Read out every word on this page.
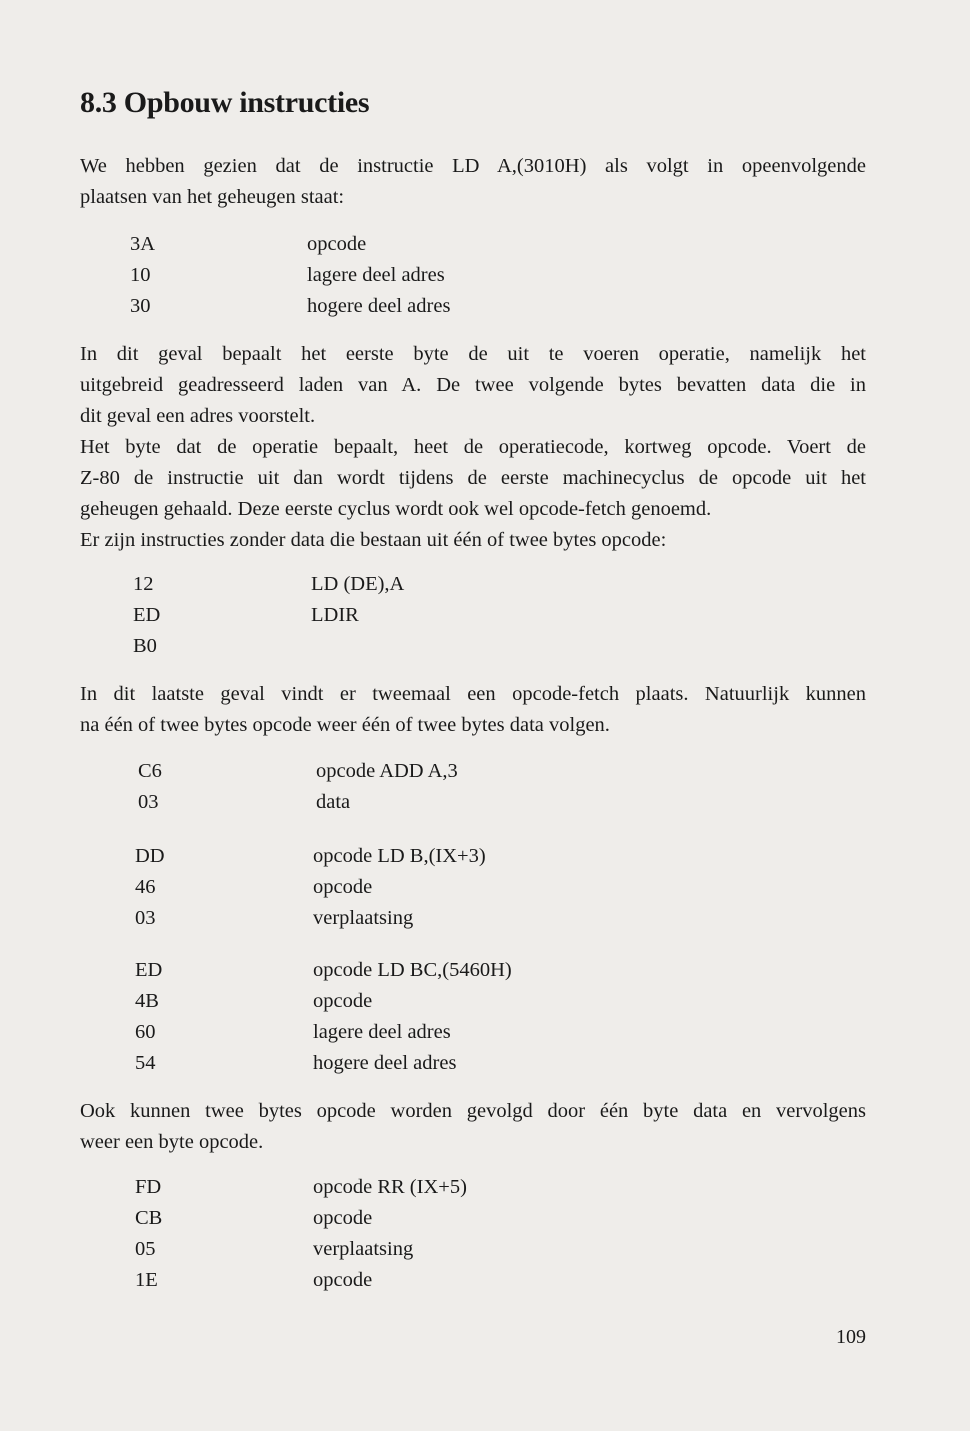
8.3 Opbouw instructies
We hebben gezien dat de instructie LD A,(3010H) als volgt in opeenvolgende
plaatsen van het geheugen staat:
3A	opcode
10	lagere deel adres
30	hogere deel adres
In dit geval bepaalt het eerste byte de uit te voeren operatie, namelijk het
uitgebreid geadresseerd laden van A. De twee volgende bytes bevatten data die in
dit geval een adres voorstelt.
Het byte dat de operatie bepaalt, heet de operatiecode, kortweg opcode. Voert de
Z-80 de instructie uit dan wordt tijdens de eerste machinecyclus de opcode uit het
geheugen gehaald. Deze eerste cyclus wordt ook wel opcode-fetch genoemd.
Er zijn instructies zonder data die bestaan uit één of twee bytes opcode:
12	LD (DE),A
ED	LDIR
B0
In dit laatste geval vindt er tweemaal een opcode-fetch plaats. Natuurlijk kunnen
na één of twee bytes opcode weer één of twee bytes data volgen.
C6	opcode ADD A,3
03	data
DD	opcode LD B,(IX+3)
46	opcode
03	verplaatsing
ED	opcode LD BC,(5460H)
4B	opcode
60	lagere deel adres
54	hogere deel adres
Ook kunnen twee bytes opcode worden gevolgd door één byte data en vervolgens
weer een byte opcode.
FD	opcode RR (IX+5)
CB	opcode
05	verplaatsing
1E	opcode
109
